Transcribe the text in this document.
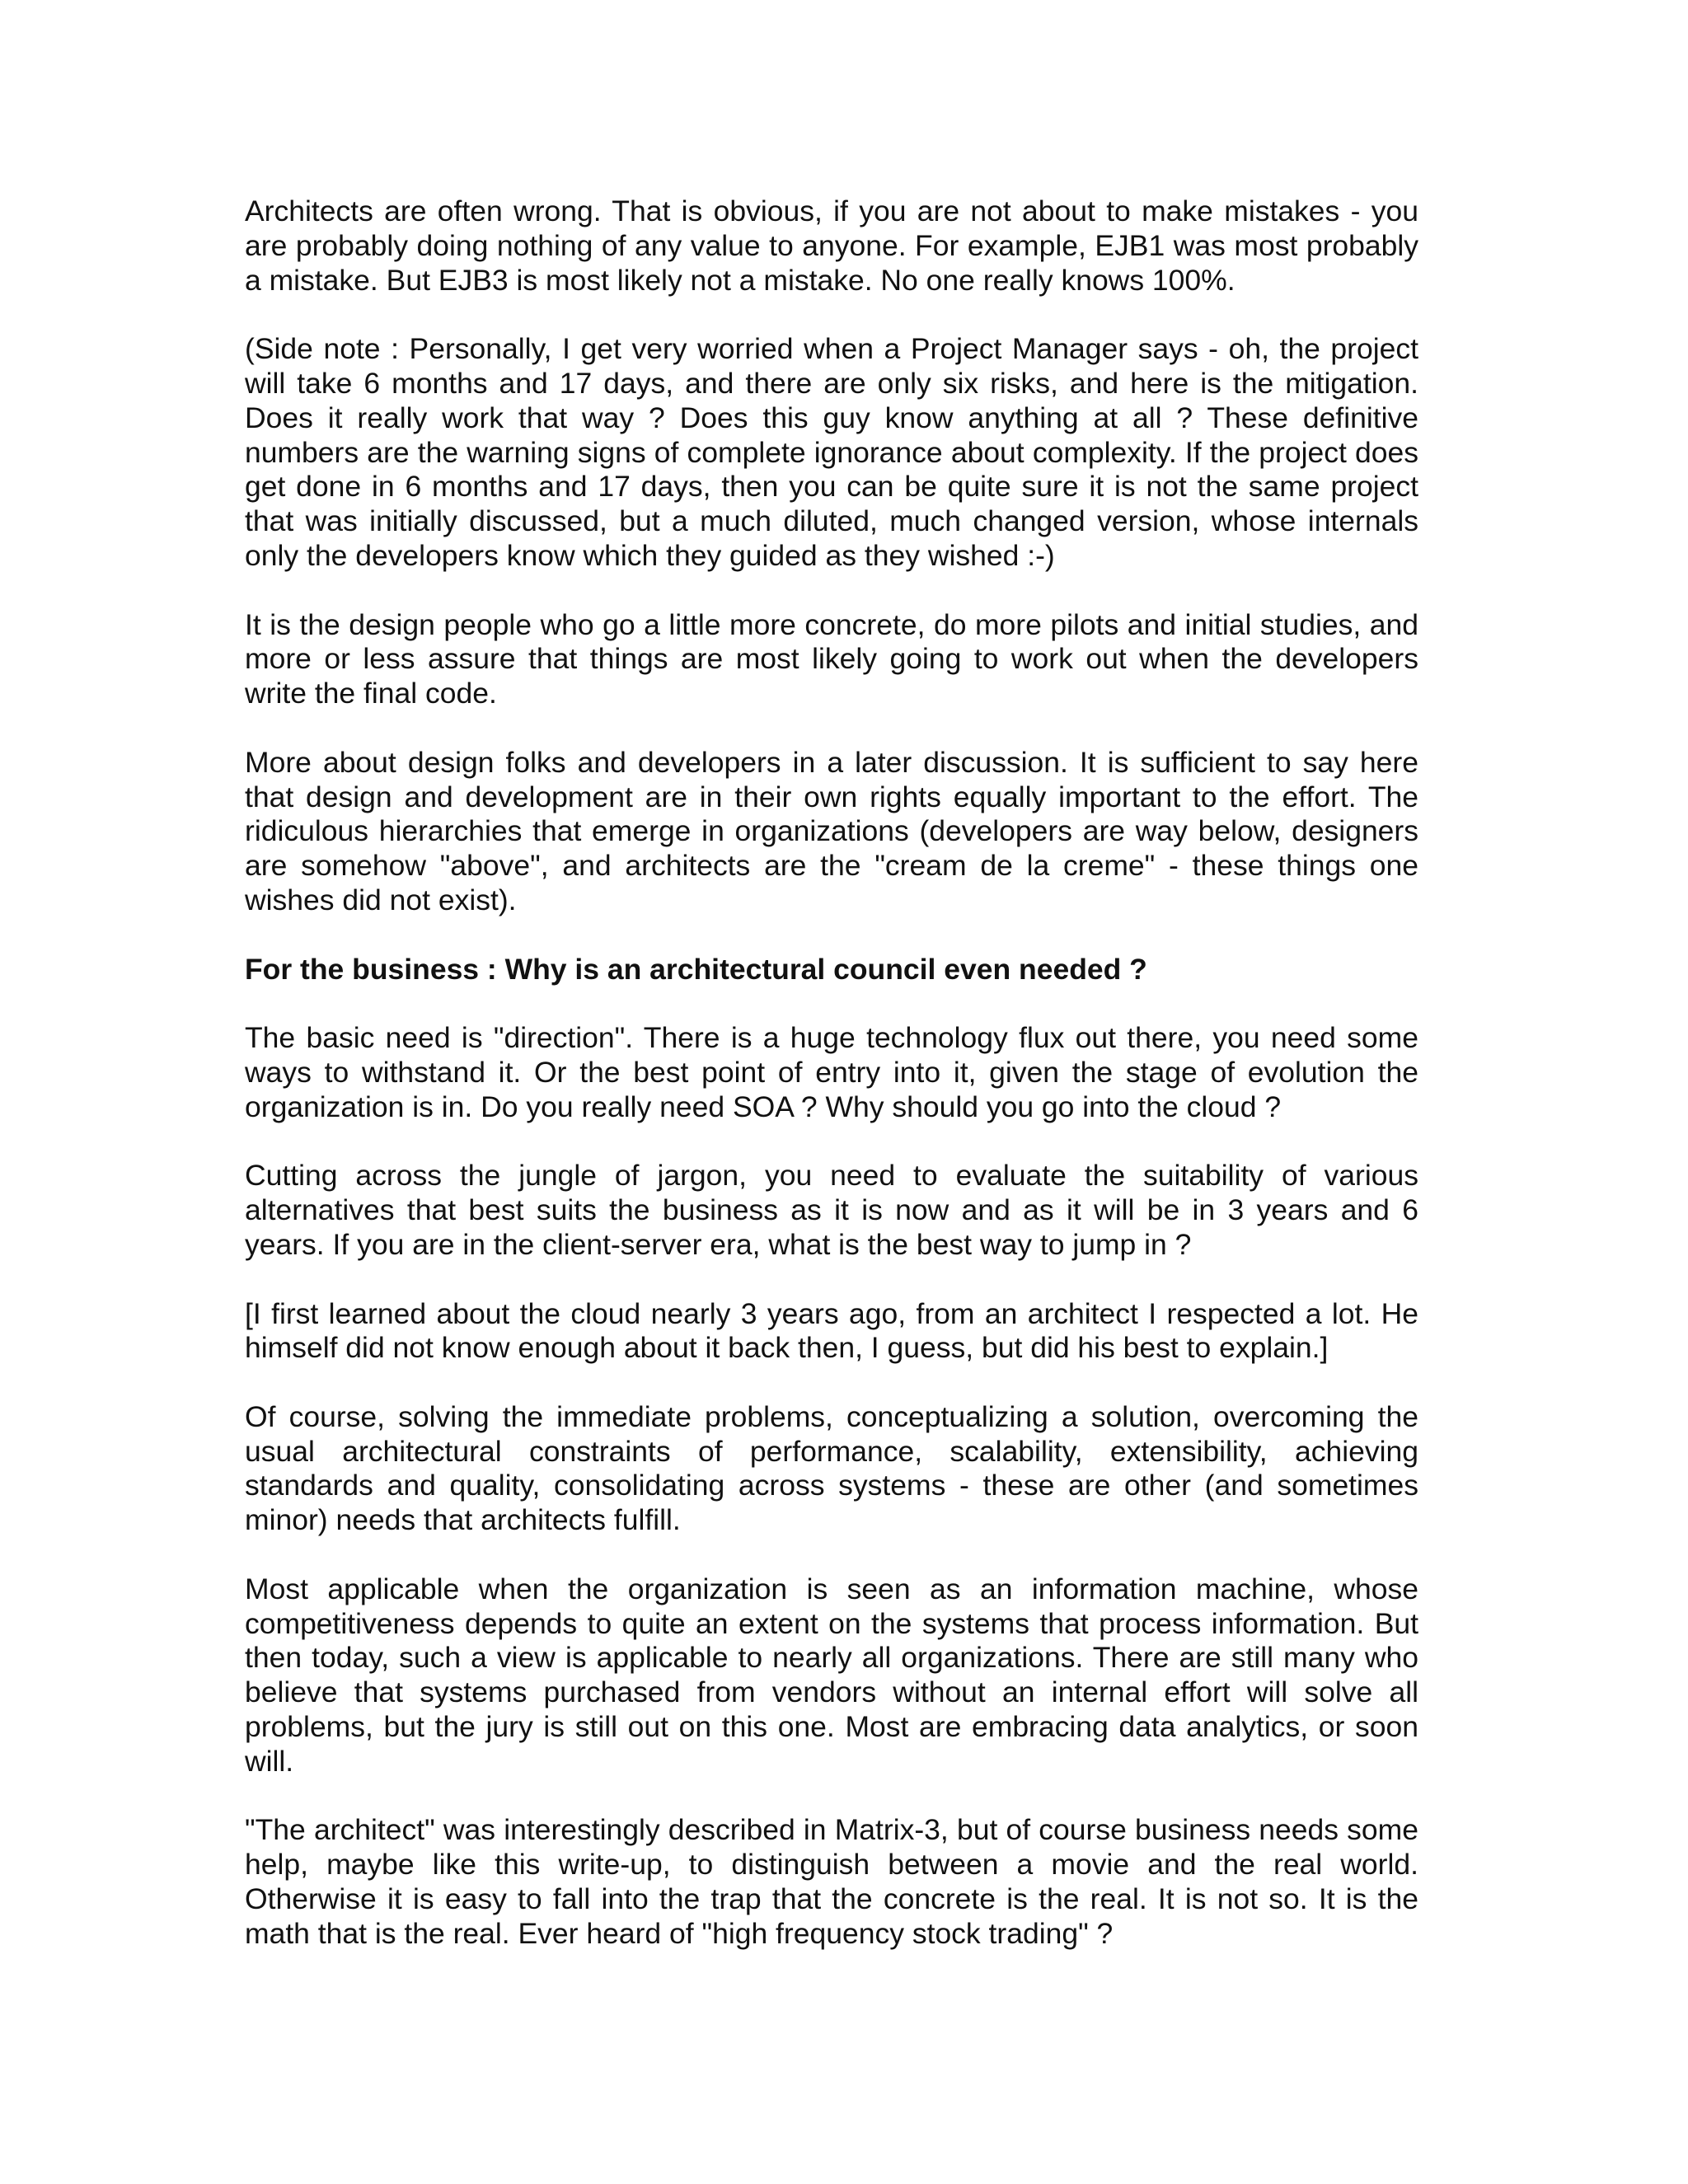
Architects are often wrong. That is obvious, if you are not about to make mistakes - you are probably doing nothing of any value to anyone. For example, EJB1 was most probably a mistake. But EJB3 is most likely not a mistake. No one really knows 100%.

(Side note : Personally, I get very worried when a Project Manager says - oh, the project will take 6 months and 17 days, and there are only six risks, and here is the mitigation. Does it really work that way ? Does this guy know anything at all ? These definitive numbers are the warning signs of complete ignorance about complexity. If the project does get done in 6 months and 17 days, then you can be quite sure it is not the same project that was initially discussed, but a much diluted, much changed version, whose internals only the developers know which they guided as they wished :-)

It is the design people who go a little more concrete, do more pilots and initial studies, and more or less assure that things are most likely going to work out when the developers write the final code.

More about design folks and developers in a later discussion. It is sufficient to say here that design and development are in their own rights equally important to the effort. The ridiculous hierarchies that emerge in organizations (developers are way below, designers are somehow "above", and architects are the "cream de la creme" - these things one wishes did not exist).

For the business : Why is an architectural council even needed ?

The basic need is "direction". There is a huge technology flux out there, you need some ways to withstand it. Or the best point of entry into it, given the stage of evolution the organization is in. Do you really need SOA ? Why should you go into the cloud ?

Cutting across the jungle of jargon, you need to evaluate the suitability of various alternatives that best suits the business as it is now and as it will be in 3 years and 6 years. If you are in the client-server era, what is the best way to jump in ?

[I first learned about the cloud nearly 3 years ago, from an architect I respected a lot. He himself did not know enough about it back then, I guess, but did his best to explain.]

Of course, solving the immediate problems, conceptualizing a solution, overcoming the usual architectural constraints of performance, scalability, extensibility, achieving standards and quality, consolidating across systems - these are other (and sometimes minor) needs that architects fulfill.

Most applicable when the organization is seen as an information machine, whose competitiveness depends to quite an extent on the systems that process information. But then today, such a view is applicable to nearly all organizations. There are still many who believe that systems purchased from vendors without an internal effort will solve all problems, but the jury is still out on this one. Most are embracing data analytics, or soon will.

"The architect" was interestingly described in Matrix-3, but of course business needs some help, maybe like this write-up, to distinguish between a movie and the real world. Otherwise it is easy to fall into the trap that the concrete is the real. It is not so. It is the math that is the real. Ever heard of "high frequency stock trading" ?
